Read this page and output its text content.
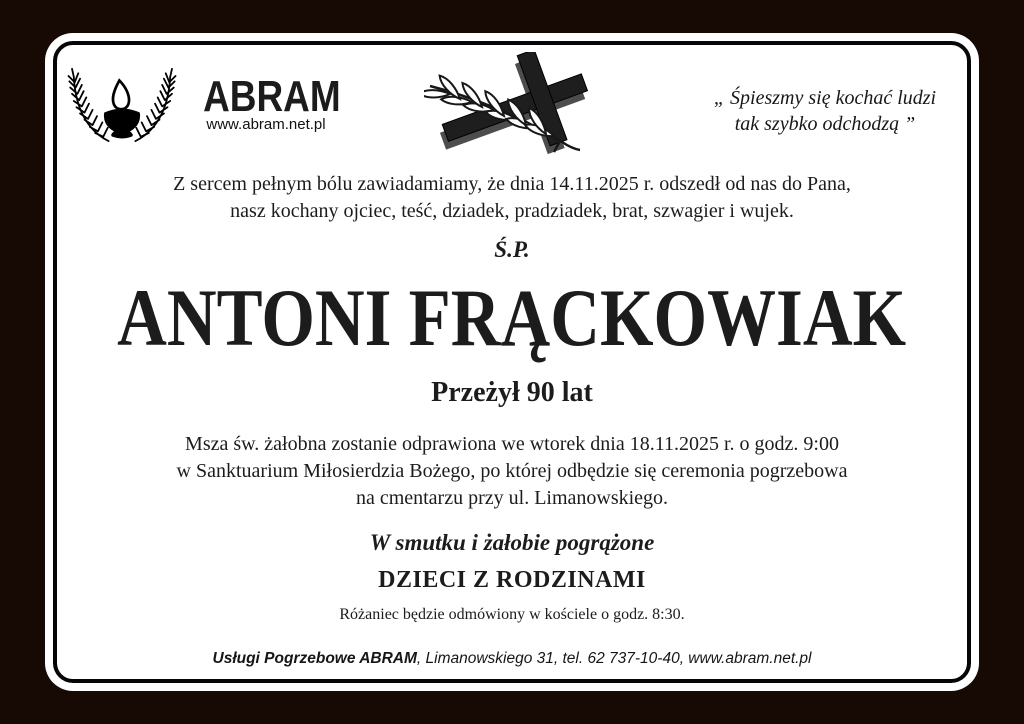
ABRAM
www.abram.net.pl
„ Śpieszmy się kochać ludzi
tak szybko odchodzą ”
Z sercem pełnym bólu zawiadamiamy, że dnia 14.11.2025 r. odszedł od nas do Pana,
nasz kochany ojciec, teść, dziadek, pradziadek, brat, szwagier i wujek.
Ś.P.
ANTONI FRĄCKOWIAK
Przeżył 90 lat
Msza św. żałobna zostanie odprawiona we wtorek dnia 18.11.2025 r. o godz. 9:00
w Sanktuarium Miłosierdzia Bożego, po której odbędzie się ceremonia pogrzebowa
na cmentarzu przy ul. Limanowskiego.
W smutku i żałobie pogrążone
DZIECI Z RODZINAMI
Różaniec będzie odmówiony w kościele o godz. 8:30.
Usługi Pogrzebowe ABRAM, Limanowskiego 31, tel. 62 737-10-40, www.abram.net.pl
